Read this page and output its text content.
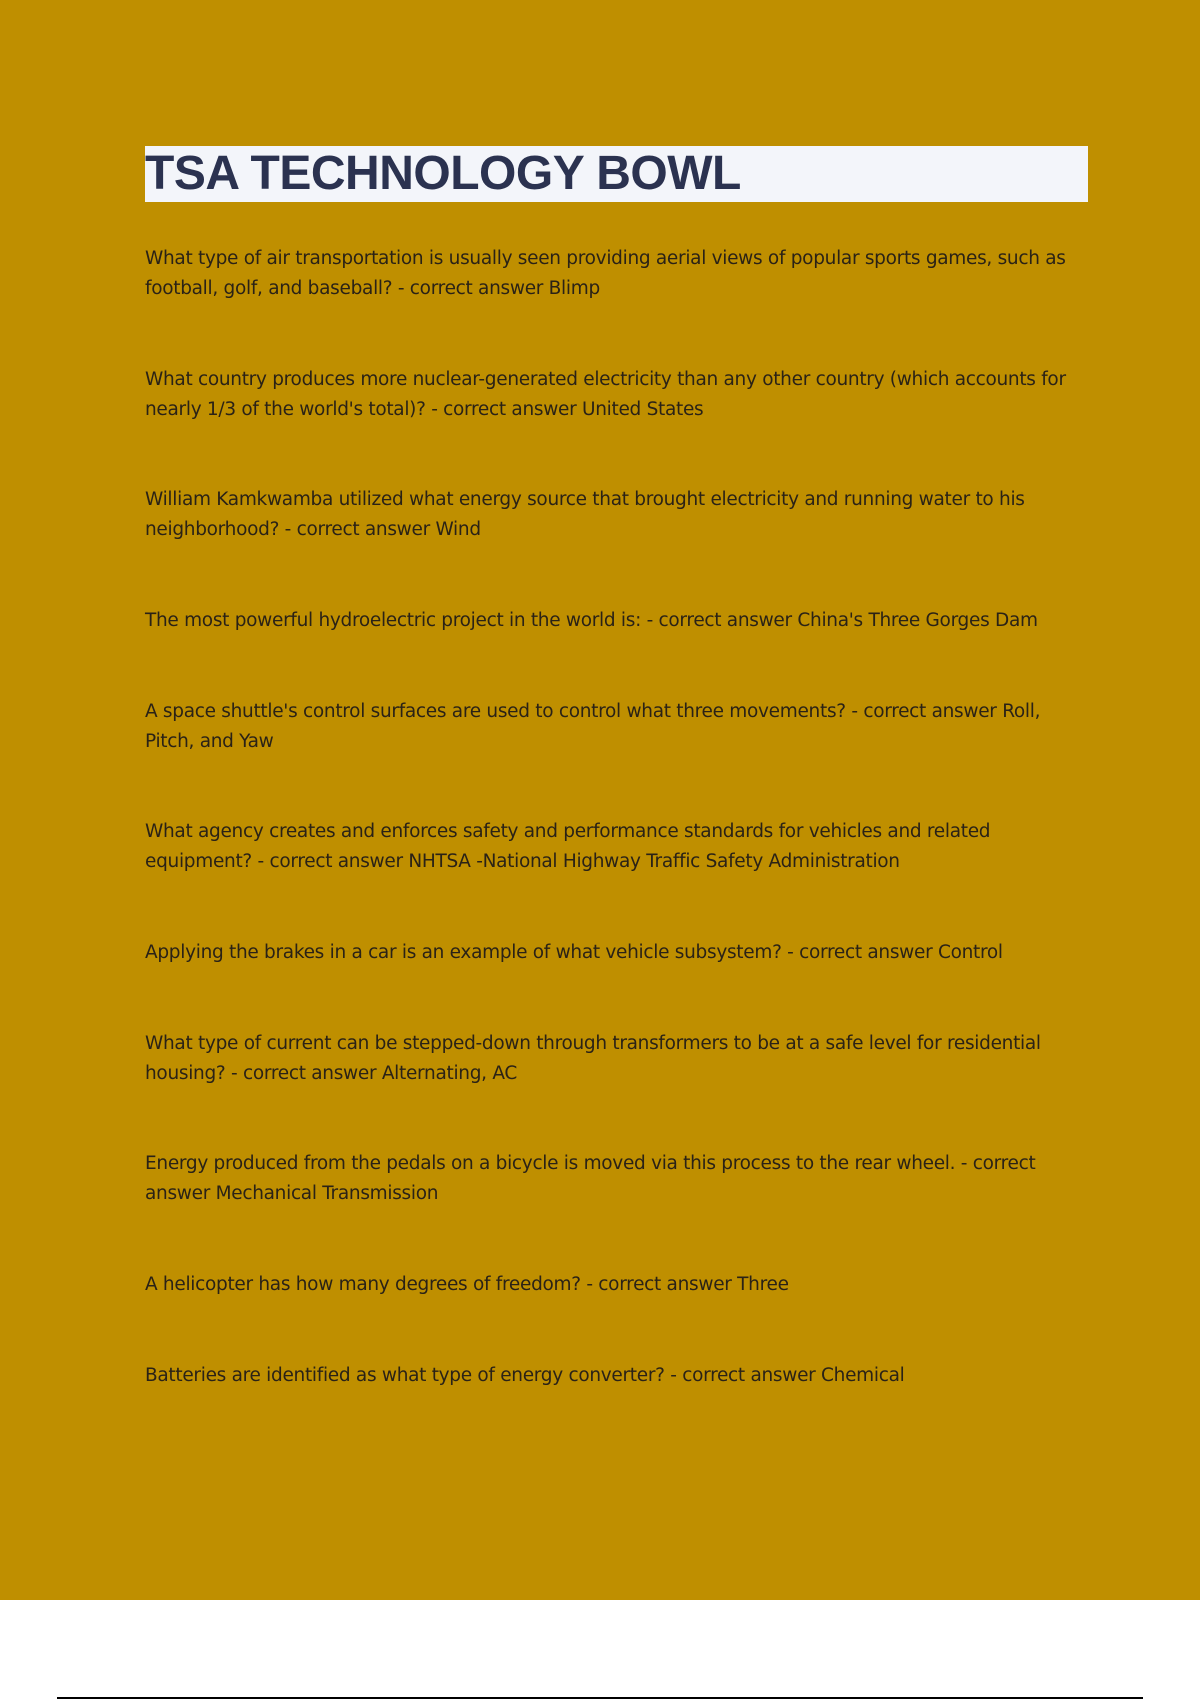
TSA TECHNOLOGY BOWL
What type of air transportation is usually seen providing aerial views of popular sports games, such as football, golf, and baseball? - correct answer Blimp
What country produces more nuclear-generated electricity than any other country (which accounts for nearly 1/3 of the world's total)? - correct answer United States
William Kamkwamba utilized what energy source that brought electricity and running water to his neighborhood? - correct answer Wind
The most powerful hydroelectric project in the world is: - correct answer China's Three Gorges Dam
A space shuttle's control surfaces are used to control what three movements? - correct answer Roll, Pitch, and Yaw
What agency creates and enforces safety and performance standards for vehicles and related equipment? - correct answer NHTSA -National Highway Traffic Safety Administration
Applying the brakes in a car is an example of what vehicle subsystem? - correct answer Control
What type of current can be stepped-down through transformers to be at a safe level for residential housing? - correct answer Alternating, AC
Energy produced from the pedals on a bicycle is moved via this process to the rear wheel. - correct answer Mechanical Transmission
A helicopter has how many degrees of freedom? - correct answer Three
Batteries are identified as what type of energy converter? - correct answer Chemical
